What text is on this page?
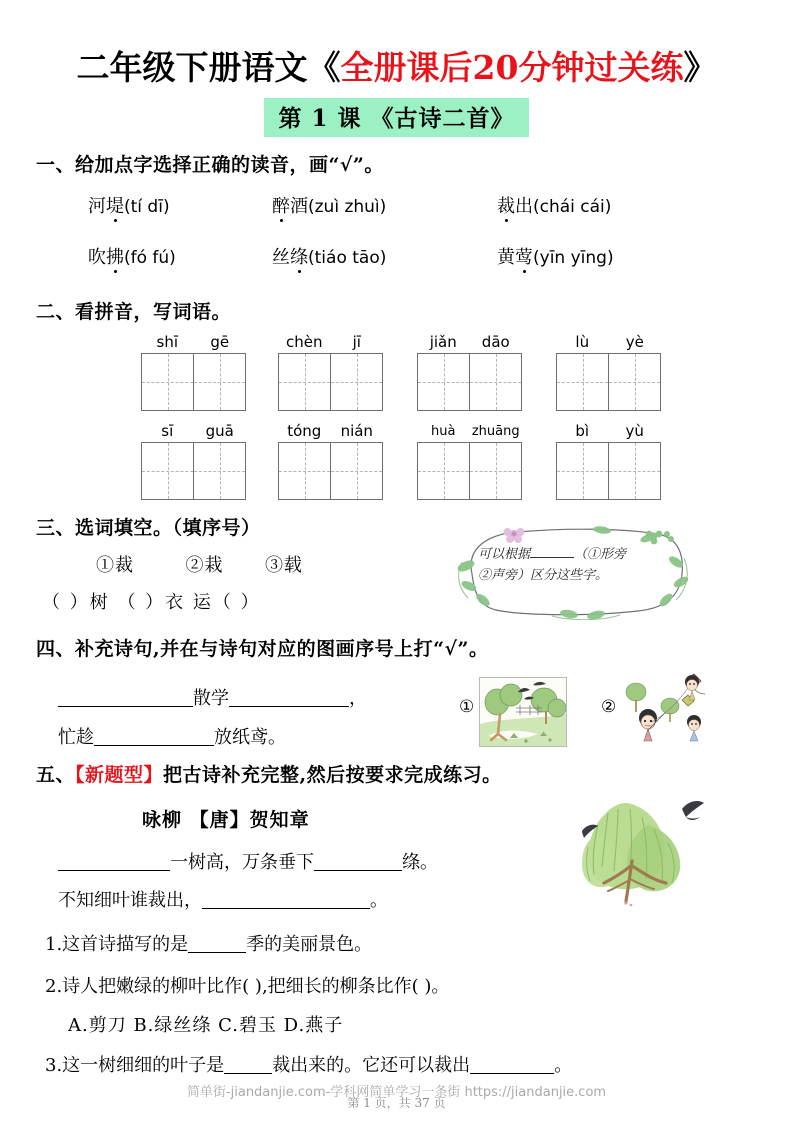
二年级下册语文《全册课后20分钟过关练》
第 1 课 《古诗二首》
一、给加点字选择正确的读音，画“√”。
河堤(tí dī)	醉酒(zuì zhuì)	裁出(chái cái)
吹拂(fó fú)	丝绦(tiáo tāo)	黄莺(yīn yīng)
二、看拼音，写词语。
shī	gē	chèn	jī	jiǎn	dāo	lù	yè
sī	guā	tóng	nián	huà	zhuāng	bì	yù
三、选词填空。（填序号）
①裁	②栽 ③载
（ ）树 （ ）衣 运（ ）
可以根据	（①形旁
②声旁）区分这些字。
四、补充诗句,并在与诗句对应的图画序号上打“√”。
散学	，
忙趁	放纸鸢。
①	②
五、【新题型】把古诗补充完整,然后按要求完成练习。
咏柳 【唐】贺知章
一树高，万条垂下	绦。
不知细叶谁裁出，	。
1.这首诗描写的是	季的美丽景色。
2.诗人把嫩绿的柳叶比作( ),把细长的柳条比作( )。
A.剪刀 B.绿丝绦 C.碧玉 D.燕子
3.这一树细细的叶子是	裁出来的。它还可以裁出	。
简单街-jiandanjie.com-学科网简单学习一条街 https://jiandanjie.com
第 1 页，共 37 页
